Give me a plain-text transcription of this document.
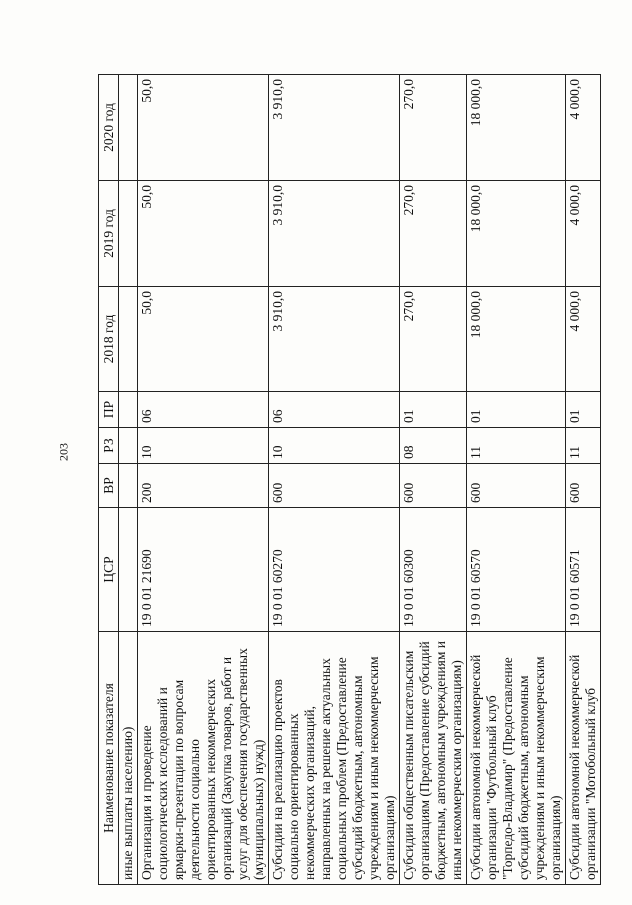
203
Наименование показателя	ЦСР	ВР	РЗ	ПР	2018 год	2019 год	2020 год
иные выплаты населению)							
Организация и проведение социологических исследований и ярмарки-презентации по вопросам деятельности социально ориентированных некоммерческих организаций (Закупка товаров, работ и услуг для обеспечения государственных (муниципальных) нужд)	19 0 01 21690	200	10	06	50,0	50,0	50,0
Субсидии на реализацию проектов социально ориентированных некоммерческих организаций, направленных на решение актуальных социальных проблем (Предоставление субсидий бюджетным, автономным учреждениям и иным некоммерческим организациям)	19 0 01 60270	600	10	06	3 910,0	3 910,0	3 910,0
Субсидии общественным писательским организациям (Предоставление субсидий бюджетным, автономным учреждениям и иным некоммерческим организациям)	19 0 01 60300	600	08	01	270,0	270,0	270,0
Субсидии автономной некоммерческой организации "Футбольный клуб "Торпедо-Владимир" (Предоставление субсидий бюджетным, автономным учреждениям и иным некоммерческим организациям)	19 0 01 60570	600	11	01	18 000,0	18 000,0	18 000,0
Субсидии автономной некоммерческой организации "Мотобольный клуб	19 0 01 60571	600	11	01	4 000,0	4 000,0	4 000,0
